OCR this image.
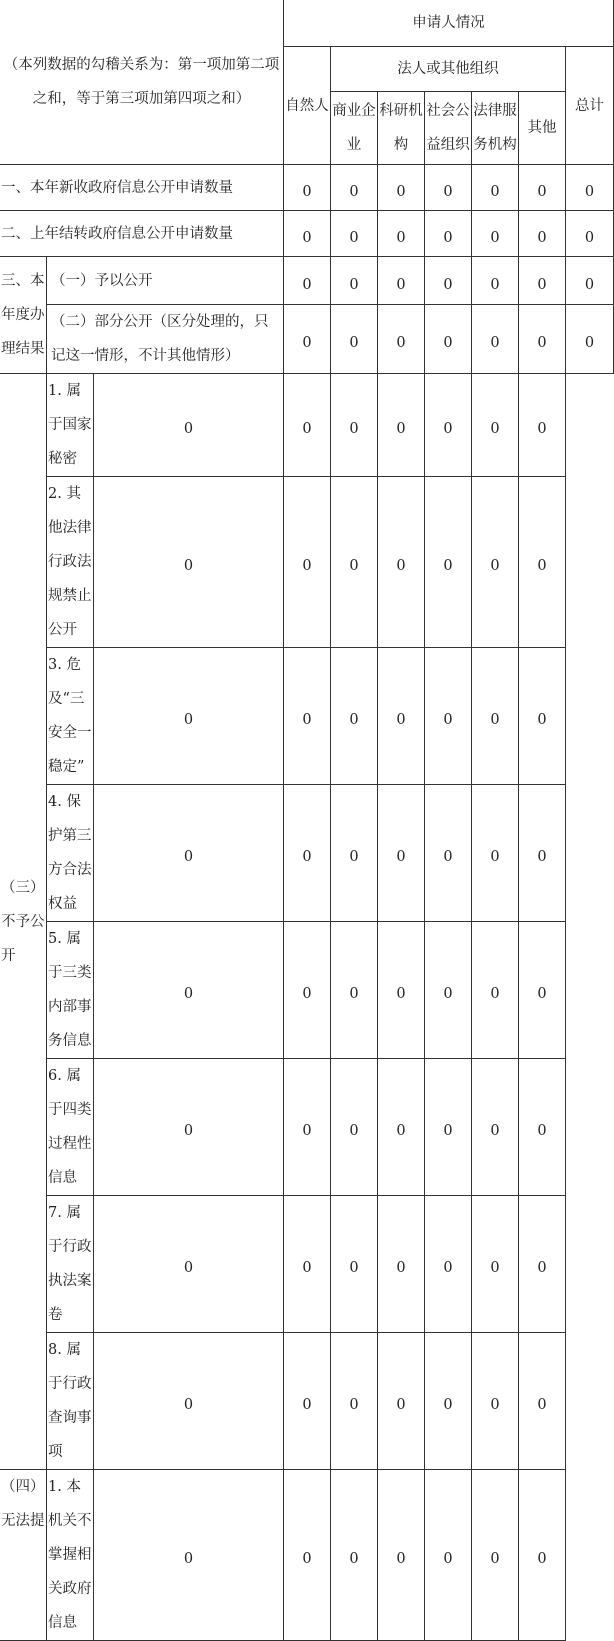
（本列数据的勾稽关系为：第一项加第二项之和，等于第三项加第四项之和）			申请人情况						
			自然人	法人或其他组织					总计
				商业企业	科研机构	社会公益组织	法律服务机构	其他	
一、本年新收政府信息公开申请数量			0	0	0	0	0	0	0
二、上年结转政府信息公开申请数量			0	0	0	0	0	0	0
三、本年度办理结果	（一）予以公开		0	0	0	0	0	0	0
	（二）部分公开（区分处理的，只记这一情形，不计其他情形）		0	0	0	0	0	0	0
（三）不予公开	1. 属于国家秘密	0	0	0	0	0	0	0	
	2. 其他法律行政法规禁止公开	0	0	0	0	0	0	0	
	3. 危及“三安全一稳定”	0	0	0	0	0	0	0	
	4. 保护第三方合法权益	0	0	0	0	0	0	0	
	5. 属于三类内部事务信息	0	0	0	0	0	0	0	
	6. 属于四类过程性信息	0	0	0	0	0	0	0	
	7. 属于行政执法案卷	0	0	0	0	0	0	0	
	8. 属于行政查询事项	0	0	0	0	0	0	0	
（四）无法提	1. 本机关不掌握相关政府信息	0	0	0	0	0	0	0	
